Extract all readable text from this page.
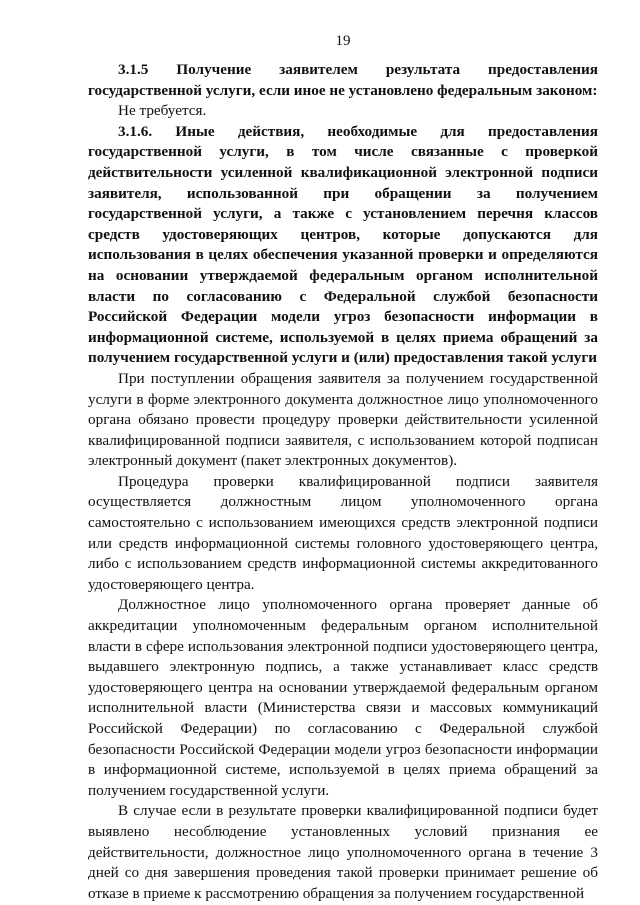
19

3.1.5 Получение заявителем результата предоставления государственной услуги, если иное не установлено федеральным законом:

Не требуется.

3.1.6. Иные действия, необходимые для предоставления государственной услуги, в том числе связанные с проверкой действительности усиленной квалификационной электронной подписи заявителя, использованной при обращении за получением государственной услуги, а также с установлением перечня классов средств удостоверяющих центров, которые допускаются для использования в целях обеспечения указанной проверки и определяются на основании утверждаемой федеральным органом исполнительной власти по согласованию с Федеральной службой безопасности Российской Федерации модели угроз безопасности информации в информационной системе, используемой в целях приема обращений за получением государственной услуги и (или) предоставления такой услуги

При поступлении обращения заявителя за получением государственной услуги в форме электронного документа должностное лицо уполномоченного органа обязано провести процедуру проверки действительности усиленной квалифицированной подписи заявителя, с использованием которой подписан электронный документ (пакет электронных документов).

Процедура проверки квалифицированной подписи заявителя осуществляется должностным лицом уполномоченного органа самостоятельно с использованием имеющихся средств электронной подписи или средств информационной системы головного удостоверяющего центра, либо с использованием средств информационной системы аккредитованного удостоверяющего центра.

Должностное лицо уполномоченного органа проверяет данные об аккредитации уполномоченным федеральным органом исполнительной власти в сфере использования электронной подписи удостоверяющего центра, выдавшего электронную подпись, а также устанавливает класс средств удостоверяющего центра на основании утверждаемой федеральным органом исполнительной власти (Министерства связи и массовых коммуникаций Российской Федерации) по согласованию с Федеральной службой безопасности Российской Федерации модели угроз безопасности информации в информационной системе, используемой в целях приема обращений за получением государственной услуги.

В случае если в результате проверки квалифицированной подписи будет выявлено несоблюдение установленных условий признания ее действительности, должностное лицо уполномоченного органа в течение 3 дней со дня завершения проведения такой проверки принимает решение об отказе в приеме к рассмотрению обращения за получением государственной
